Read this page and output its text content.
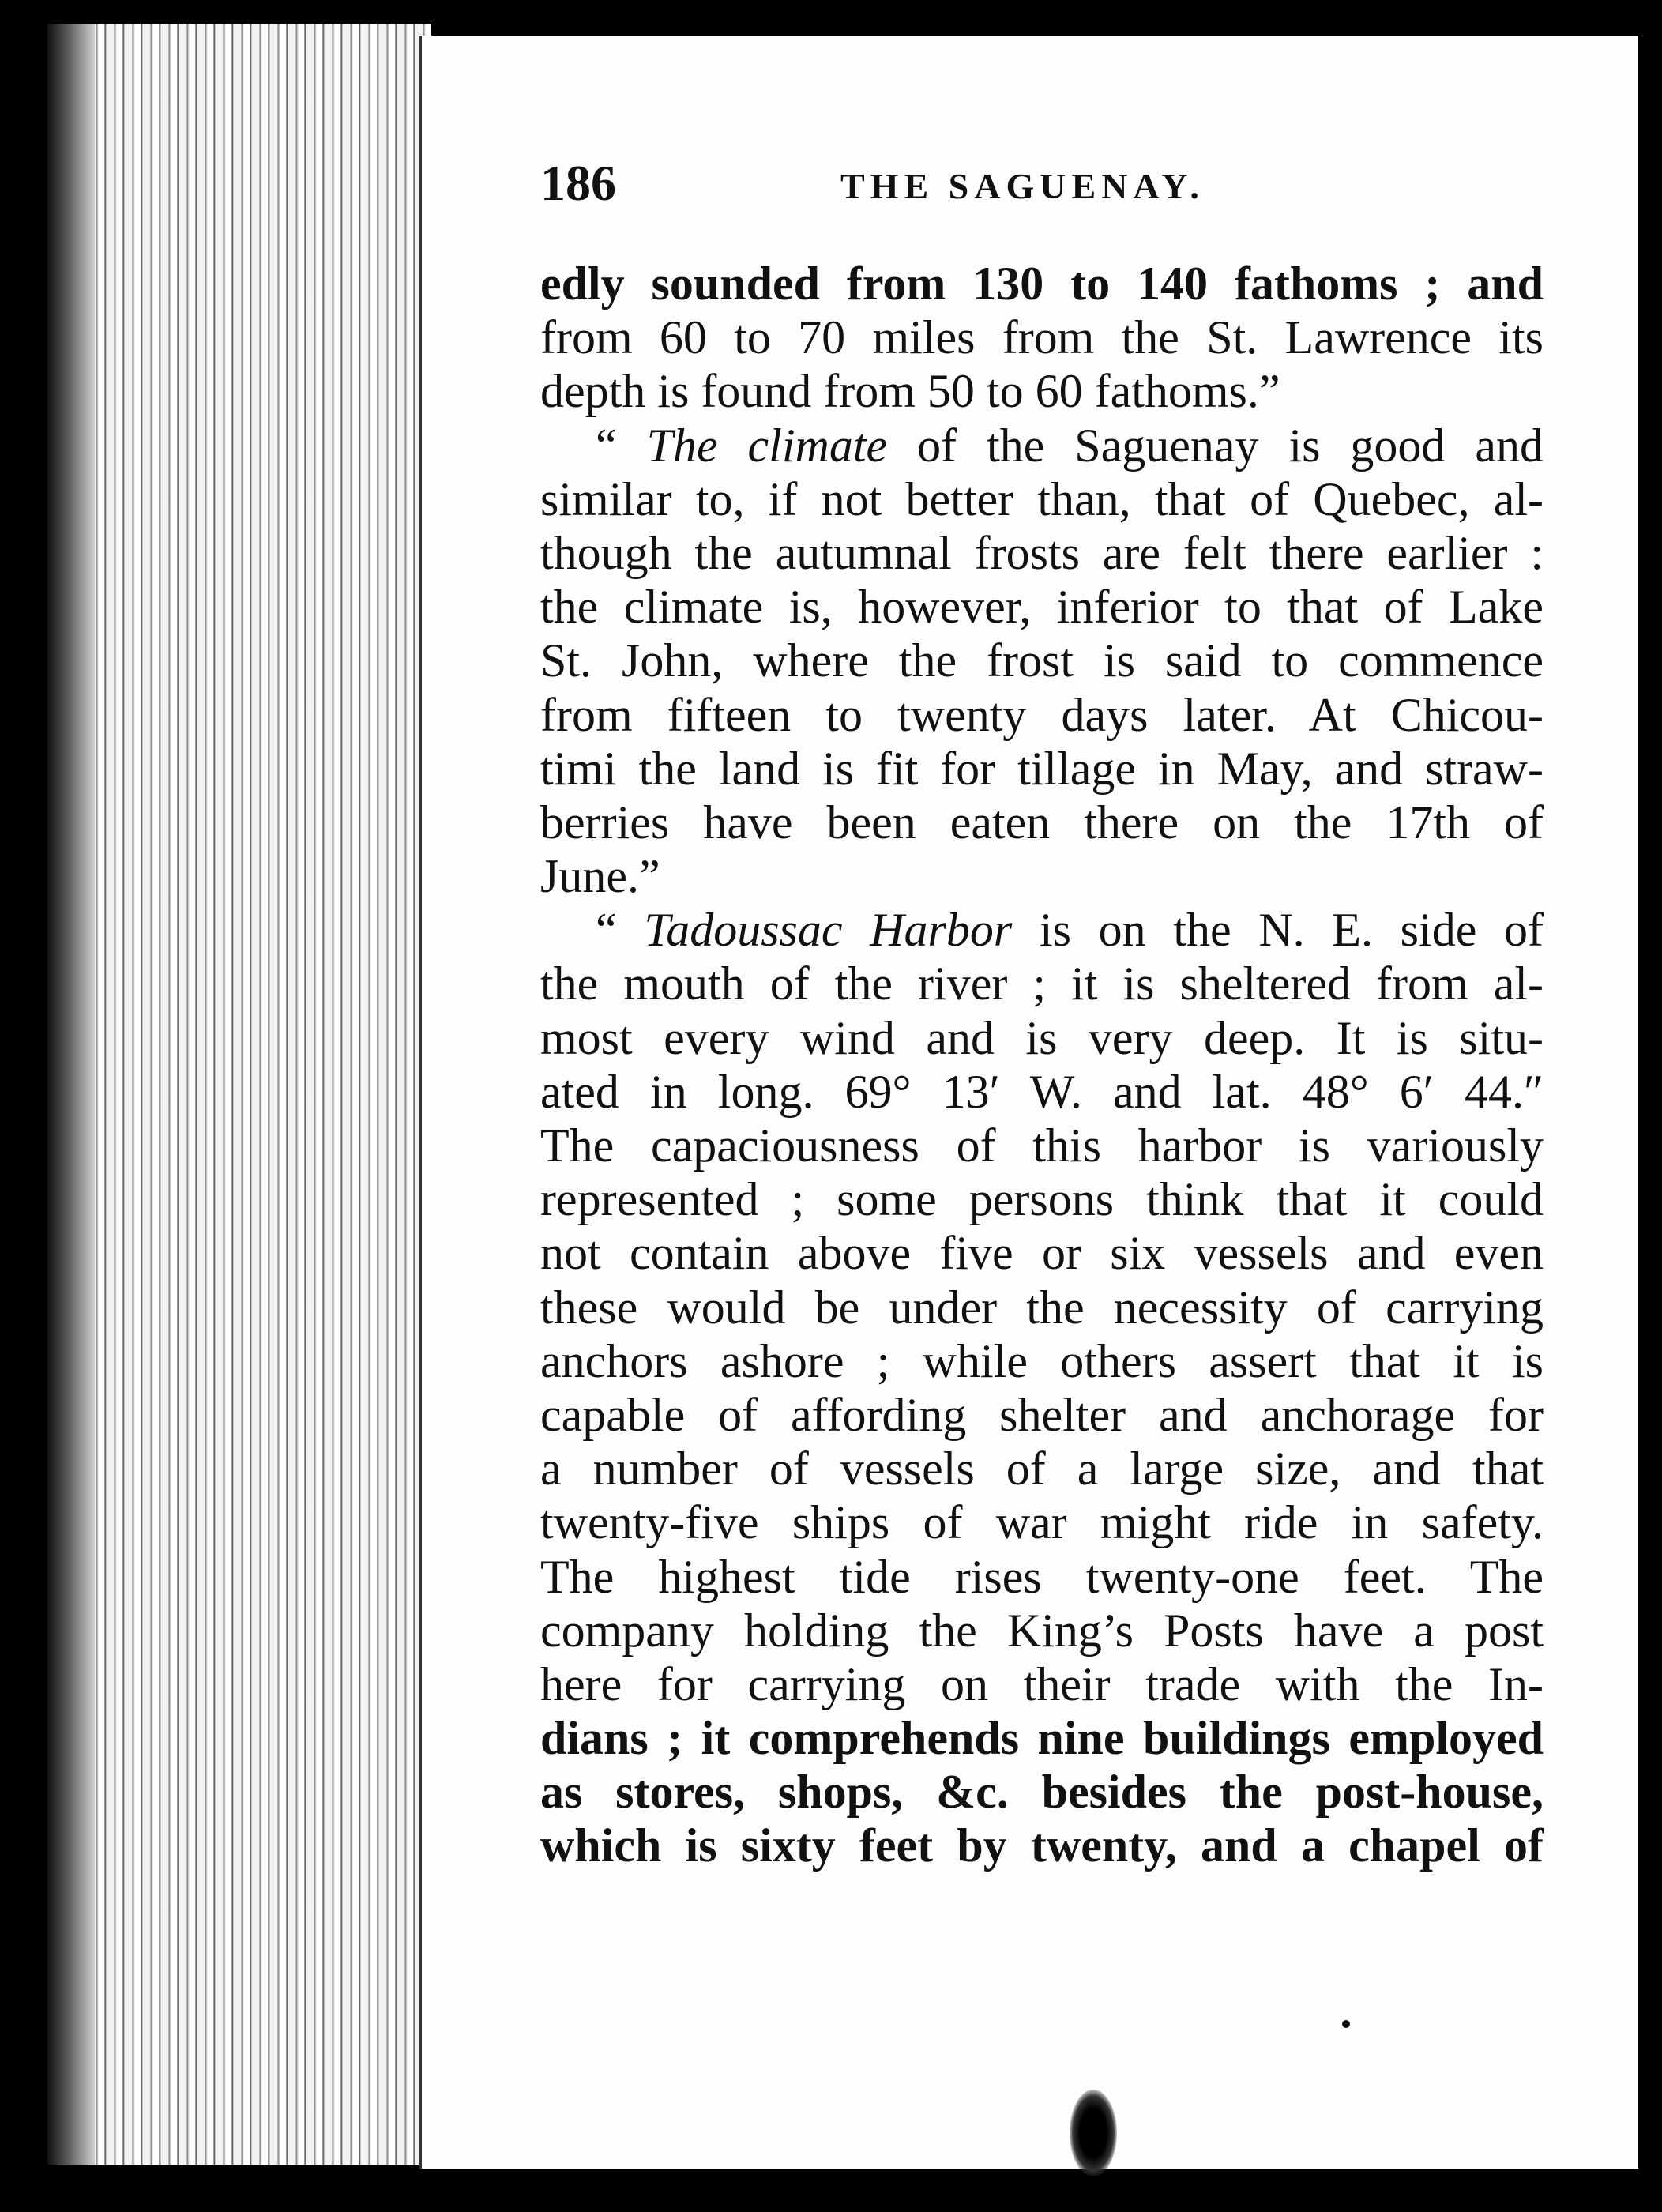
186	THE SAGUENAY.
edly sounded from 130 to 140 fathoms ; and
from 60 to 70 miles from the St. Lawrence its
depth is found from 50 to 60 fathoms.”
“ The climate of the Saguenay is good and
similar to, if not better than, that of Quebec, al-
though the autumnal frosts are felt there earlier :
the climate is, however, inferior to that of Lake
St. John, where the frost is said to commence
from fifteen to twenty days later. At Chicou-
timi the land is fit for tillage in May, and straw-
berries have been eaten there on the 17th of
June.”
“ Tadoussac Harbor is on the N. E. side of
the mouth of the river ; it is sheltered from al-
most every wind and is very deep. It is situ-
ated in long. 69° 13′ W. and lat. 48° 6′ 44.″
The capaciousness of this harbor is variously
represented ; some persons think that it could
not contain above five or six vessels and even
these would be under the necessity of carrying
anchors ashore ; while others assert that it is
capable of affording shelter and anchorage for
a number of vessels of a large size, and that
twenty-five ships of war might ride in safety.
The highest tide rises twenty-one feet. The
company holding the King’s Posts have a post
here for carrying on their trade with the In-
dians ; it comprehends nine buildings employed
as stores, shops, &c. besides the post-house,
which is sixty feet by twenty, and a chapel of
